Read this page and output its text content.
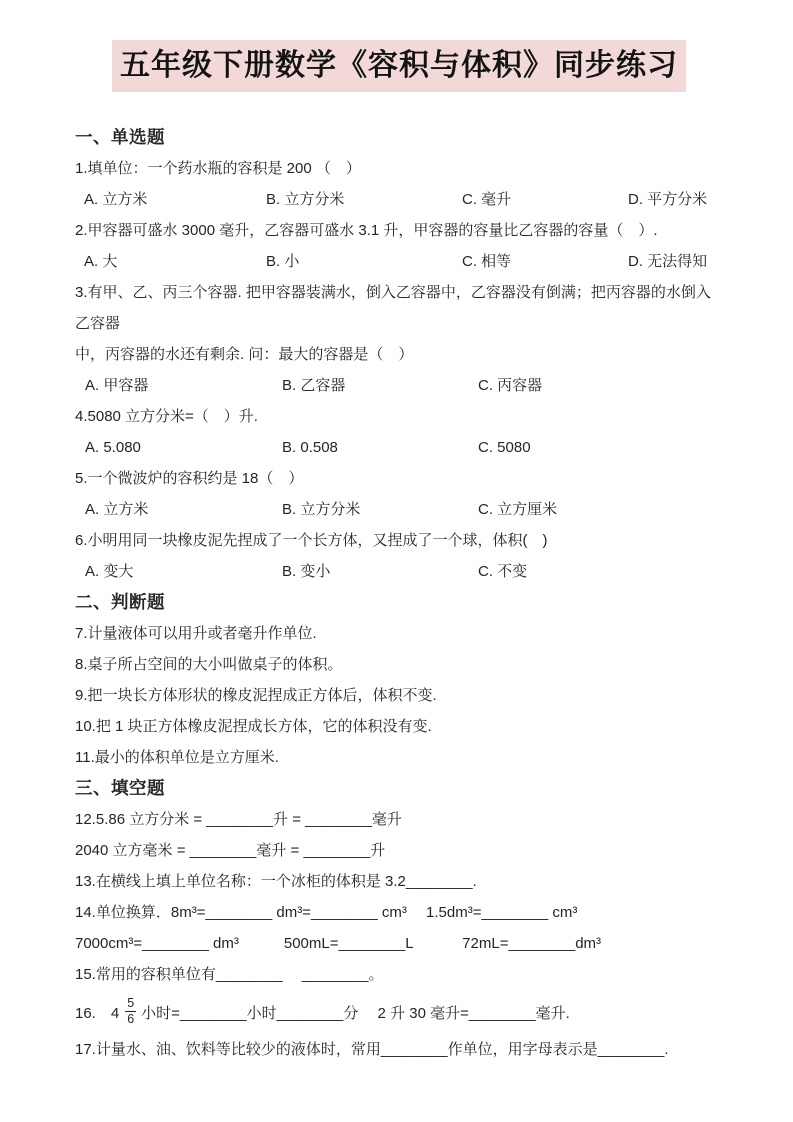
五年级下册数学《容积与体积》同步练习
一、单选题
1.填单位：一个药水瓶的容积是 200 （　）
A. 立方米	B. 立方分米	C. 毫升	D. 平方分米
2.甲容器可盛水 3000 毫升，乙容器可盛水 3.1 升，甲容器的容量比乙容器的容量（　）.
A. 大	B. 小	C. 相等	D. 无法得知
3.有甲、乙、丙三个容器. 把甲容器装满水，倒入乙容器中，乙容器没有倒满；把丙容器的水倒入乙容器
中，丙容器的水还有剩余. 问：最大的容器是（　）
A. 甲容器	B. 乙容器	C. 丙容器
4.5080 立方分米=（　）升.
A. 5.080	B. 0.508	C. 5080
5.一个微波炉的容积约是 18（　）
A. 立方米	B. 立方分米	C. 立方厘米
6.小明用同一块橡皮泥先捏成了一个长方体，又捏成了一个球，体积(　)
A. 变大	B. 变小	C. 不变
二、判断题
7.计量液体可以用升或者毫升作单位.
8.桌子所占空间的大小叫做桌子的体积。
9.把一块长方体形状的橡皮泥捏成正方体后，体积不变.
10.把 1 块正方体橡皮泥捏成长方体，它的体积没有变.
11.最小的体积单位是立方厘米.
三、填空题
12.5.86 立方分米 = ________升 = ________毫升
2040 立方毫米 = ________毫升 = ________升
13.在横线上填上单位名称：一个冰柜的体积是 3.2________.
14.单位换算．8m³=________ dm³=________ cm³　 1.5dm³=________ cm³
7000cm³=________ dm³　　　500mL=________L　　　 72mL=________dm³
15.常用的容积单位有________　 ________。
16.　$4 \frac{5}{6}$ 小时=________小时________分　 2 升 30 毫升=________毫升.
17.计量水、油、饮料等比较少的液体时，常用________作单位，用字母表示是________.
